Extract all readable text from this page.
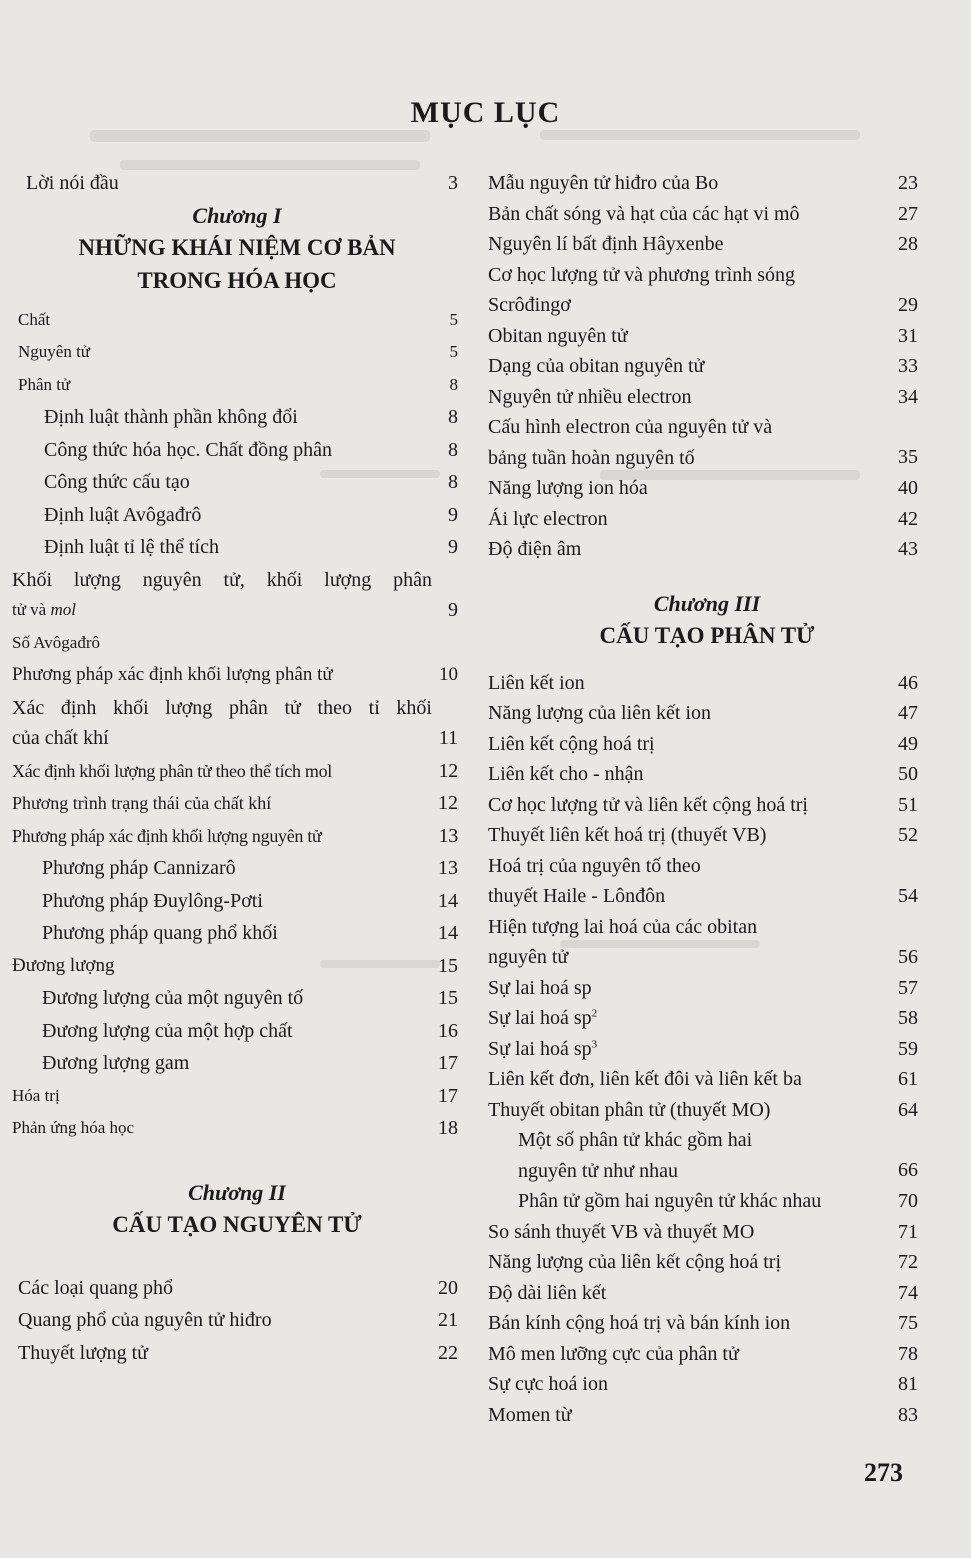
MỤC LỤC
Lời nói đầu	3
Chương I
NHỮNG KHÁI NIỆM CƠ BẢN
TRONG HÓA HỌC
Chất	5
Nguyên tử	5
Phân tử	8
Định luật thành phần không đổi	8
Công thức hóa học. Chất đồng phân	8
Công thức cấu tạo	8
Định luật Avôgađrô	9
Định luật tỉ lệ thể tích	9
Khối lượng nguyên tử, khối lượng phân
tử và mol	9
Số Avôgađrô
Phương pháp xác định khối lượng phân tử	10
Xác định khối lượng phân tử theo tỉ khối
của chất khí	11
Xác định khối lượng phân tử theo thể tích mol	12
Phương trình trạng thái của chất khí	12
Phương pháp xác định khối lượng nguyên tử	13
Phương pháp Cannizarô	13
Phương pháp Đuylông-Pơti	14
Phương pháp quang phổ khối	14
Đương lượng	15
Đương lượng của một nguyên tố	15
Đương lượng của một hợp chất	16
Đương lượng gam	17
Hóa trị	17
Phản ứng hóa học	18
Chương II
CẤU TẠO NGUYÊN TỬ
Các loại quang phổ	20
Quang phổ của nguyên tử hiđro	21
Thuyết lượng tử	22
Mẫu nguyên tử hiđro của Bo	23
Bản chất sóng và hạt của các hạt vi mô	27
Nguyên lí bất định Hâyxenbe	28
Cơ học lượng tử và phương trình sóng
Scrôđingơ	29
Obitan nguyên tử	31
Dạng của obitan nguyên tử	33
Nguyên tử nhiều electron	34
Cấu hình electron của nguyên tử và
bảng tuần hoàn nguyên tố	35
Năng lượng ion hóa	40
Ái lực electron	42
Độ điện âm	43
Chương III
CẤU TẠO PHÂN TỬ
Liên kết ion	46
Năng lượng của liên kết ion	47
Liên kết cộng hoá trị	49
Liên kết cho - nhận	50
Cơ học lượng tử và liên kết cộng hoá trị	51
Thuyết liên kết hoá trị (thuyết VB)	52
Hoá trị của nguyên tố theo
thuyết Haile - Lônđôn	54
Hiện tượng lai hoá của các obitan
nguyên tử	56
Sự lai hoá sp	57
Sự lai hoá $sp^2$	58
Sự lai hoá $sp^3$	59
Liên kết đơn, liên kết đôi và liên kết ba	61
Thuyết obitan phân tử (thuyết MO)	64
Một số phân tử khác gồm hai
nguyên tử như nhau	66
Phân tử gồm hai nguyên tử khác nhau	70
So sánh thuyết VB và thuyết MO	71
Năng lượng của liên kết cộng hoá trị	72
Độ dài liên kết	74
Bán kính cộng hoá trị và bán kính ion	75
Mô men lưỡng cực của phân tử	78
Sự cực hoá ion	81
Momen từ	83
273
